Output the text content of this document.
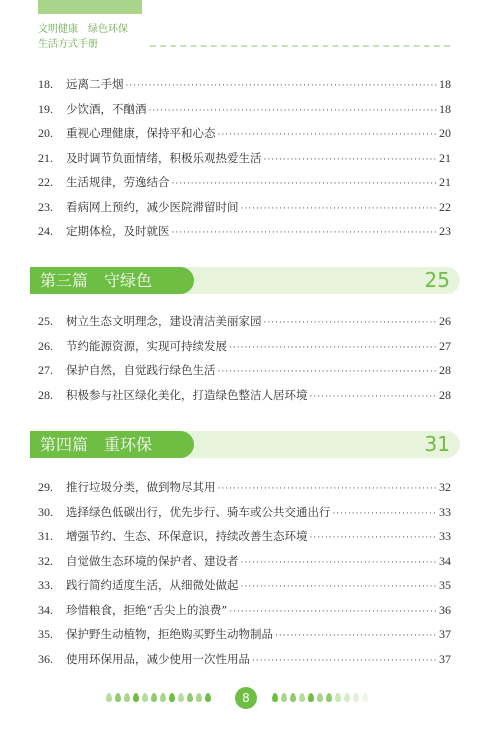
文明健康　绿色环保
生活方式手册
18.	远离二手烟 ·····	18
19.	少饮酒，不酗酒 ·····	18
20.	重视心理健康，保持平和心态 ·····	20
21.	及时调节负面情绪，积极乐观热爱生活 ·····	21
22.	生活规律，劳逸结合 ·····	21
23.	看病网上预约，减少医院滞留时间 ·····	22
24.	定期体检，及时就医 ·····	23
第三篇　守绿色	25
25.	树立生态文明理念，建设清洁美丽家园 ·····	26
26.	节约能源资源，实现可持续发展 ·····	27
27.	保护自然，自觉践行绿色生活 ·····	28
28.	积极参与社区绿化美化，打造绿色整洁人居环境 ·····	28
第四篇　重环保	31
29.	推行垃圾分类，做到物尽其用 ·····	32
30.	选择绿色低碳出行，优先步行、骑车或公共交通出行 ·····	33
31.	增强节约、生态、环保意识，持续改善生态环境 ·····	33
32.	自觉做生态环境的保护者、建设者 ·····	34
33.	践行简约适度生活，从细微处做起 ·····	35
34.	珍惜粮食，拒绝“舌尖上的浪费” ·····	36
35.	保护野生动植物，拒绝购买野生动物制品 ·····	37
36.	使用环保用品，减少使用一次性用品 ·····	37
8
